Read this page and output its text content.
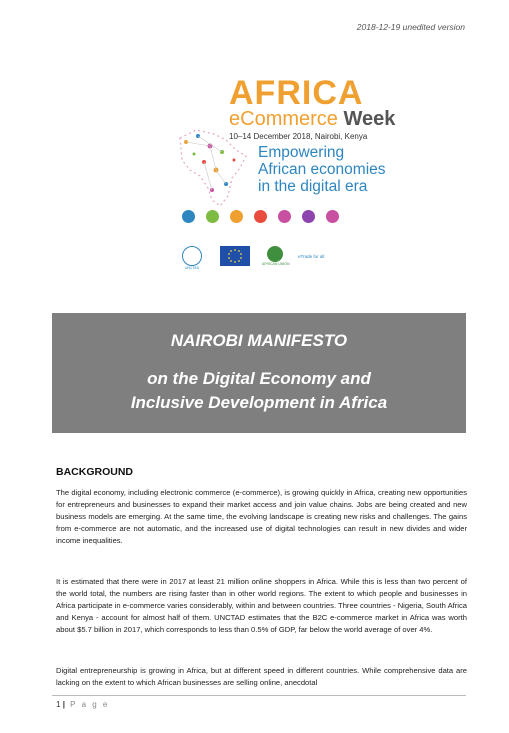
2018-12-19 unedited version
AFRICA
eCommerce Week
10–14 December 2018, Nairobi, Kenya
Empowering
African economies
in the digital era
UNCTAD
AFRICAN UNION
eTrade for all
NAIROBI MANIFESTO
on the Digital Economy and
Inclusive Development in Africa
BACKGROUND

The digital economy, including electronic commerce (e-commerce), is growing quickly in Africa, creating new opportunities for entrepreneurs and businesses to expand their market access and join value chains. Jobs are being created and new business models are emerging. At the same time, the evolving landscape is creating new risks and challenges. The gains from e-commerce are not automatic, and the increased use of digital technologies can result in new divides and wider income inequalities.

It is estimated that there were in 2017 at least 21 million online shoppers in Africa. While this is less than two percent of the world total, the numbers are rising faster than in other world regions. The extent to which people and businesses in Africa participate in e-commerce varies considerably, within and between countries. Three countries - Nigeria, South Africa and Kenya - account for almost half of them. UNCTAD estimates that the B2C e-commerce market in Africa was worth about $5.7 billion in 2017, which corresponds to less than 0.5% of GDP, far below the world average of over 4%.

Digital entrepreneurship is growing in Africa, but at different speed in different countries. While comprehensive data are lacking on the extent to which African businesses are selling online, anecdotal

1 | P a g e
